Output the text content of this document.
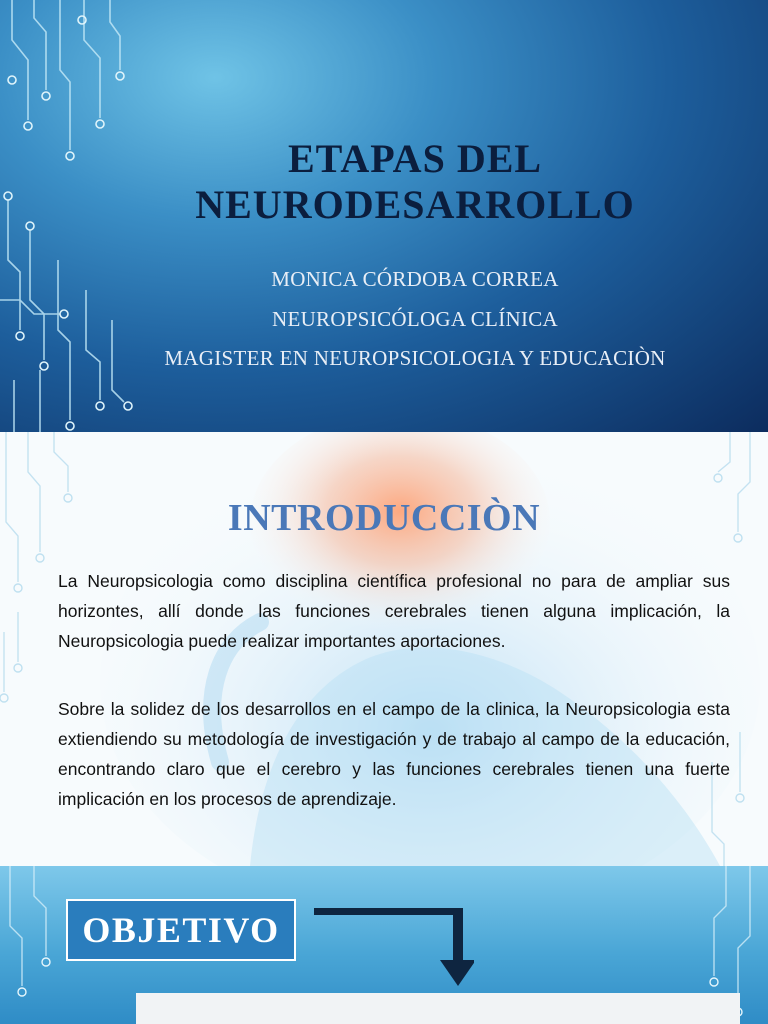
ETAPAS DEL
NEURODESARROLLO
MONICA CÓRDOBA CORREA
NEUROPSICÓLOGA CLÍNICA
MAGISTER EN NEUROPSICOLOGIA Y EDUCACIÒN
INTRODUCCIÒN
La Neuropsicologia como disciplina científica profesional no para de ampliar sus horizontes, allí donde las funciones cerebrales tienen alguna implicación, la Neuropsicologia puede realizar importantes aportaciones.
Sobre la solidez de los desarrollos en el campo de la clinica, la Neuropsicologia esta extiendiendo su metodología de investigación y de trabajo al campo de la educación, encontrando claro que el cerebro y las funciones cerebrales tienen una fuerte implicación en los procesos de aprendizaje.
OBJETIVO
